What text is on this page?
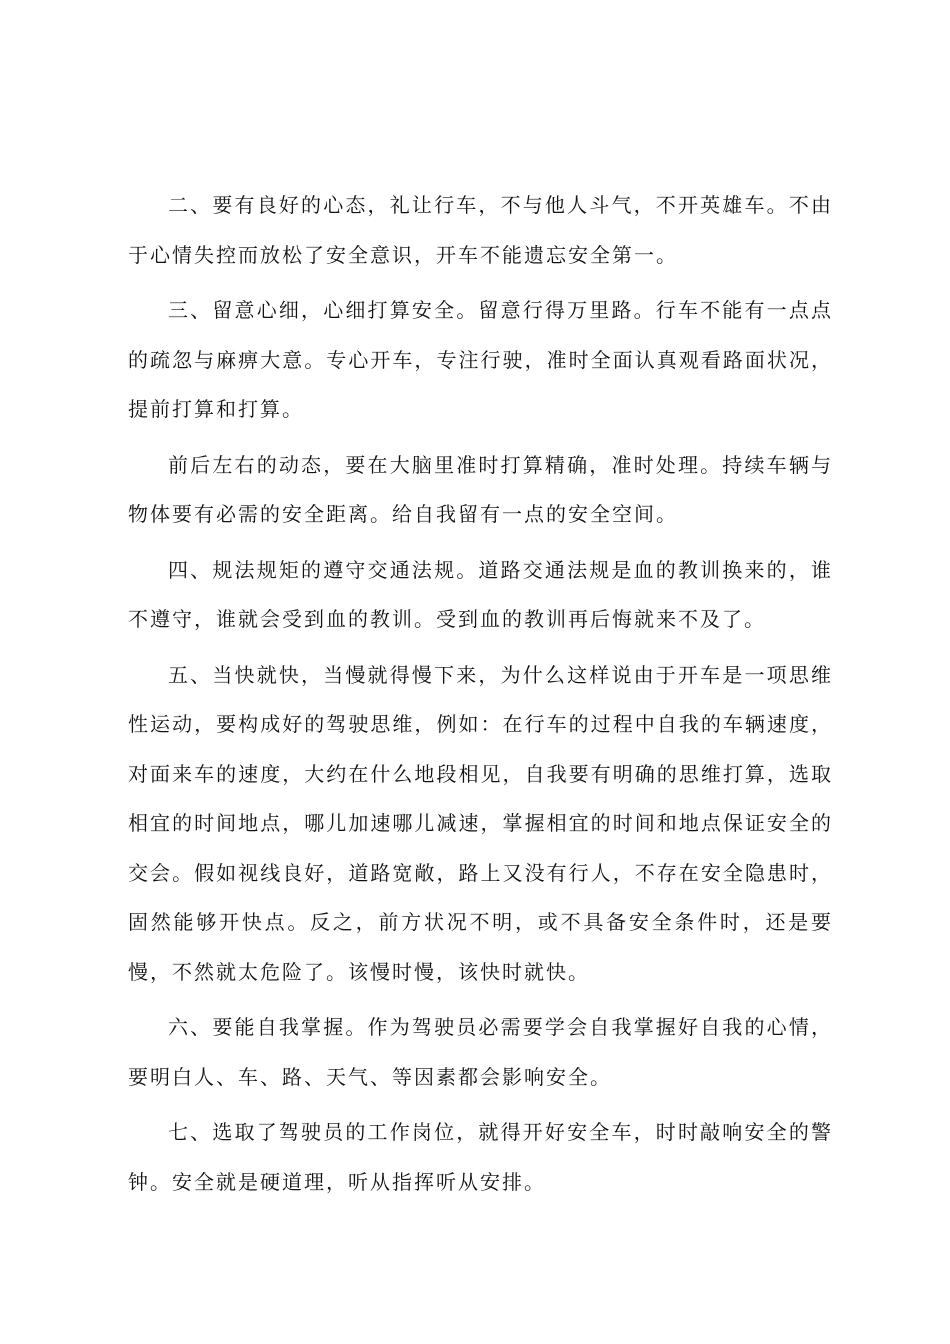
二、要有良好的心态，礼让行车，不与他人斗气，不开英雄车。不由于心情失控而放松了安全意识，开车不能遗忘安全第一。

三、留意心细，心细打算安全。留意行得万里路。行车不能有一点点的疏忽与麻痹大意。专心开车，专注行驶，准时全面认真观看路面状况，提前打算和打算。

前后左右的动态，要在大脑里准时打算精确，准时处理。持续车辆与物体要有必需的安全距离。给自我留有一点的安全空间。

四、规法规矩的遵守交通法规。道路交通法规是血的教训换来的，谁不遵守，谁就会受到血的教训。受到血的教训再后悔就来不及了。

五、当快就快，当慢就得慢下来，为什么这样说由于开车是一项思维性运动，要构成好的驾驶思维，例如：在行车的过程中自我的车辆速度，对面来车的速度，大约在什么地段相见，自我要有明确的思维打算，选取相宜的时间地点，哪儿加速哪儿减速，掌握相宜的时间和地点保证安全的交会。假如视线良好，道路宽敞，路上又没有行人，不存在安全隐患时，固然能够开快点。反之，前方状况不明，或不具备安全条件时，还是要慢，不然就太危险了。该慢时慢，该快时就快。

六、要能自我掌握。作为驾驶员必需要学会自我掌握好自我的心情，要明白人、车、路、天气、等因素都会影响安全。

七、选取了驾驶员的工作岗位，就得开好安全车，时时敲响安全的警钟。安全就是硬道理，听从指挥听从安排。
